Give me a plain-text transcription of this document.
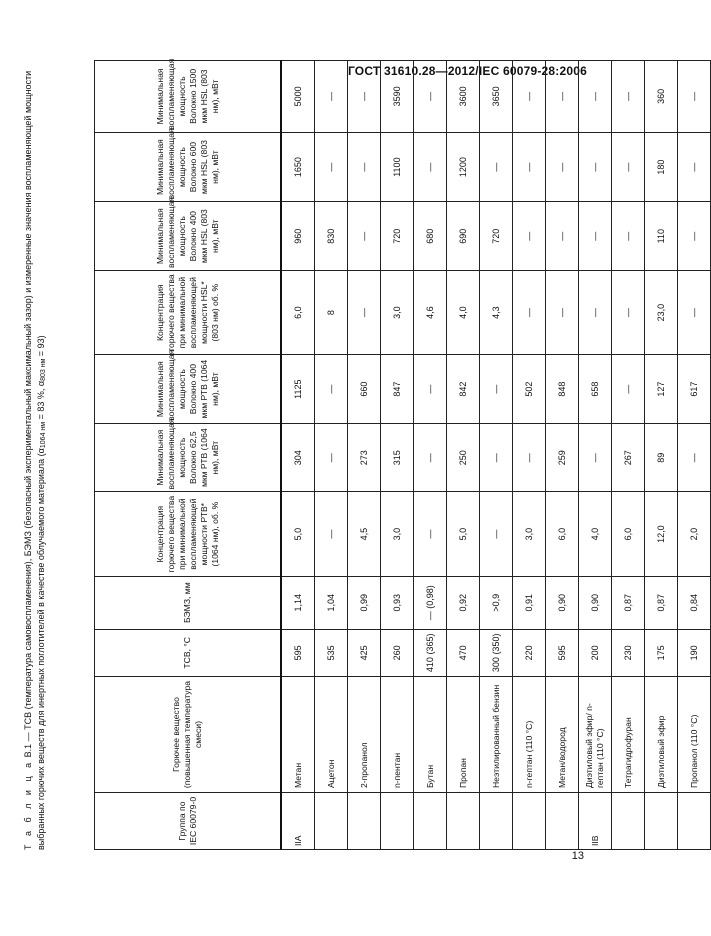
ГОСТ 31610.28—2012/IEC 60079-28:2006
Т а б л и ц а В.1 — ТСВ (температура самовоспламенения), БЭМЗ (безопасный экспериментальный максимальный зазор) и измеренные значения воспламеняющей мощности выбранных горючих веществ для инертных поглотителей в качестве облучаемого материала (α1064 нм = 83 %, α803 нм = 93)
Группа по IEC 60079-0	Горючее вещество (повышенная температура смеси)	ТСВ, °С	БЭМЗ, мм	Концентрация горючего вещества при минимальной воспламеняющей мощности РТВ* (1064 нм), об. %	Минимальная воспламеняющая мощность Волокно 62,5 мкм РТВ (1064 нм), мВт	Минимальная воспламеняющая мощность Волокно 400 мкм РТВ (1064 нм), мВт	Концентрация горючего вещества при минимальной воспламеняющей мощности HSL* (803 нм) об. %	Минимальная воспламеняющая мощность Волокно 400 мкм HSL (803 нм), мВт	Минимальная воспламеняющая мощность Волокно 600 мкм HSL (803 нм), мВт	Минимальная воспламеняющая мощность Волокно 1500 мкм HSL (803 нм), мВт
IIA	Метан	595	1,14	5,0	304	1125	6,0	960	1650	5000
	Ацетон	535	1,04	—	—	—	8	830	—	—
	2-пропанол	425	0,99	4,5	273	660	—	—	—	—
	n-пентан	260	0,93	3,0	315	847	3,0	720	1100	3590
	Бутан	410 (365)	— (0,98)	—	—	—	4,6	680	—	—
	Пропан	470	0,92	5,0	250	842	4,0	690	1200	3600
	Неэтилированный бензин	300 (350)	>0,9	—	—	—	4,3	720	—	3650
	n-гептан (110 °С)	220	0,91	3,0	—	502	—	—	—	—
	Метан/водород	595	0,90	6,0	259	848	—	—	—	—
IIB	Диэтиловый эфир/ n-гептан (110 °С)	200	0,90	4,0	—	658	—	—	—	—
	Тетрагидрофуран	230	0,87	6,0	267	—	—	—	—	—
	Диэтиловый эфир	175	0,87	12,0	89	127	23,0	110	180	360
	Пропанол (110 °С)	190	0,84	2,0	—	617	—	—	—	—
13
